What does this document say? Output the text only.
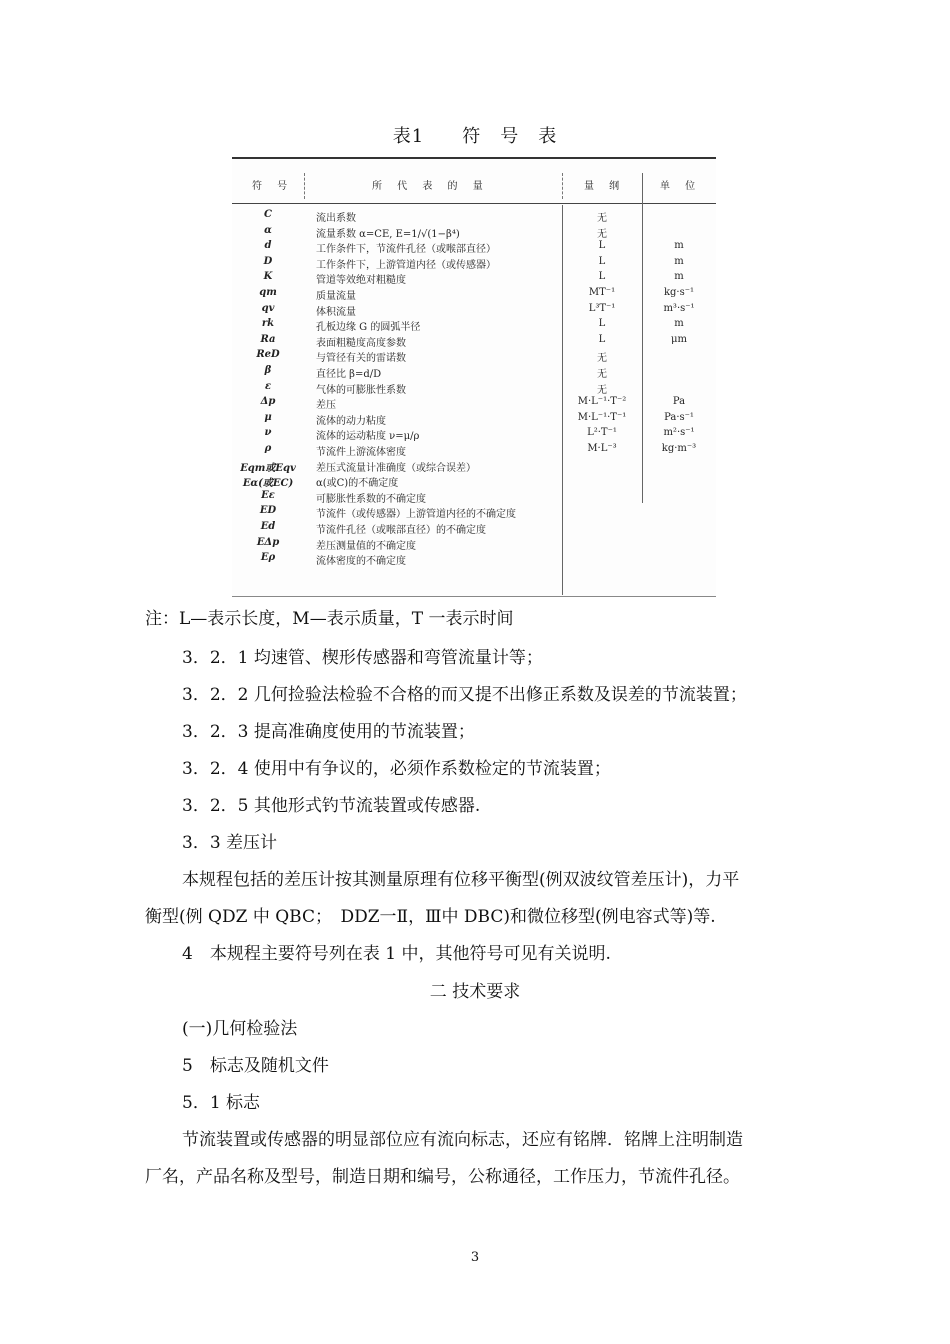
表1　　符　号　表
符 号	所 代 表 的 量	量 纲	单 位
C	流出系数	无
α	流量系数 α=CE, E=1/√(1−β⁴)	无
d	工作条件下，节流件孔径（或喉部直径）	L	m
D	工作条件下，上游管道内径（或传感器）	L	m
K	管道等效绝对粗糙度	L	m
qm	质量流量	MT⁻¹	kg·s⁻¹
qv	体积流量	L³T⁻¹	m³·s⁻¹
rk	孔板边缘 G 的圆弧半径	L	m
Ra	表面粗糙度高度参数	L	μm
ReD	与管径有关的雷诺数	无
β	直径比 β=d/D	无
ε	气体的可膨胀性系数	无
Δp	差压	M·L⁻¹·T⁻²	Pa
μ	流体的动力粘度	M·L⁻¹·T⁻¹	Pa·s⁻¹
ν	流体的运动粘度 ν=μ/ρ	L²·T⁻¹	m²·s⁻¹
ρ	节流件上游流体密度	M·L⁻³	kg·m⁻³
Eqm或Eqv	差压式流量计准确度（或综合误差）
Eα(或EC)	α(或C)的不确定度
Eε	可膨胀性系数的不确定度
ED	节流件（或传感器）上游管道内径的不确定度
Ed	节流件孔径（或喉部直径）的不确定度
EΔp	差压测量值的不确定度
Eρ	流体密度的不确定度
注：L—表示长度，M—表示质量，T 一表示时间
3．2．1 均速管、楔形传感器和弯管流量计等；
3．2．2 几何捡验法检验不合格的而又提不出修正系数及误差的节流装置；
3．2．3 提高准确度使用的节流装置；
3．2．4 使用中有争议的，必须作系数检定的节流装置；
3．2．5 其他形式钓节流装置或传感器.
3．3 差压计
本规程包括的差压计按其测量原理有位移平衡型(例双波纹管差压计)，力平
衡型(例 QDZ 中 QBC；　DDZ一Ⅱ，Ⅲ中 DBC)和微位移型(例电容式等)等.
4　本规程主要符号列在表 1 中，其他符号可见有关说明.
二 技术要求
(一)几何检验法
5　标志及随机文件
5．1 标志
节流装置或传感器的明显部位应有流向标志，还应有铭牌．铭牌上注明制造
厂名，产品名称及型号，制造日期和编号，公称通径，工作压力，节流件孔径。
3
